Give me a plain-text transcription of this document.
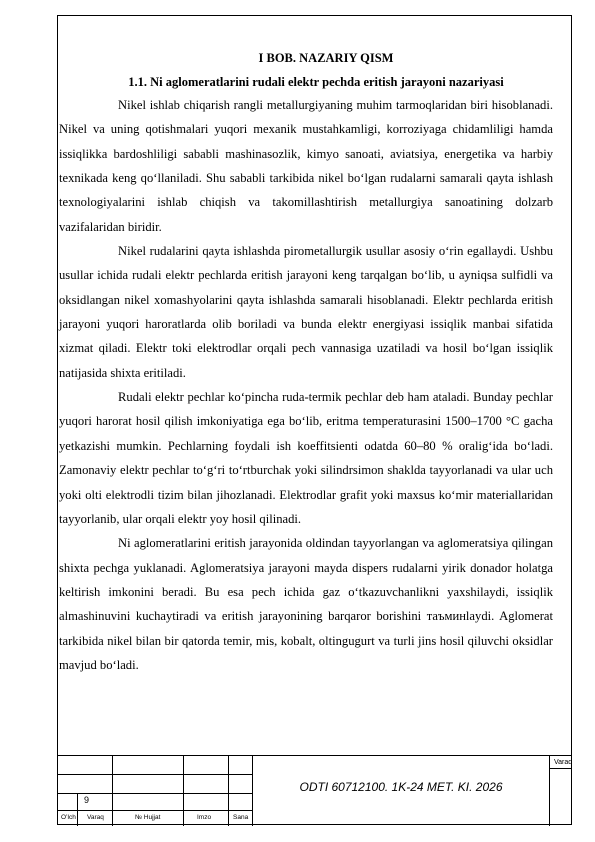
I BOB. NAZARIY QISM
1.1. Ni aglomeratlarini rudali elektr pechda eritish jarayoni nazariyasi

Nikel ishlab chiqarish rangli metallurgiyaning muhim tarmoqlaridan biri hisoblanadi. Nikel va uning qotishmalari yuqori mexanik mustahkamligi, korroziyaga chidamliligi hamda issiqlikka bardoshliligi sababli mashinasozlik, kimyo sanoati, aviatsiya, energetika va harbiy texnikada keng qo‘llaniladi. Shu sababli tarkibida nikel bo‘lgan rudalarni samarali qayta ishlash texnologiyalarini ishlab chiqish va takomillashtirish metallurgiya sanoatining dolzarb vazifalaridan biridir.

Nikel rudalarini qayta ishlashda pirometallurgik usullar asosiy o‘rin egallaydi. Ushbu usullar ichida rudali elektr pechlarda eritish jarayoni keng tarqalgan bo‘lib, u ayniqsa sulfidli va oksidlangan nikel xomashyolarini qayta ishlashda samarali hisoblanadi. Elektr pechlarda eritish jarayoni yuqori haroratlarda olib boriladi va bunda elektr energiyasi issiqlik manbai sifatida xizmat qiladi. Elektr toki elektrodlar orqali pech vannasiga uzatiladi va hosil bo‘lgan issiqlik natijasida shixta eritiladi.

Rudali elektr pechlar ko‘pincha ruda-termik pechlar deb ham ataladi. Bunday pechlar yuqori harorat hosil qilish imkoniyatiga ega bo‘lib, eritma temperaturasini 1500–1700 °C gacha yetkazishi mumkin. Pechlarning foydali ish koeffitsienti odatda 60–80 % oralig‘ida bo‘ladi. Zamonaviy elektr pechlar to‘g‘ri to‘rtburchak yoki silindrsimon shaklda tayyorlanadi va ular uch yoki olti elektrodli tizim bilan jihozlanadi. Elektrodlar grafit yoki maxsus ko‘mir materiallaridan tayyorlanib, ular orqali elektr yoy hosil qilinadi.

Ni aglomeratlarini eritish jarayonida oldindan tayyorlangan va aglomeratsiya qilingan shixta pechga yuklanadi. Aglomeratsiya jarayoni mayda dispers rudalarni yirik donador holatga keltirish imkonini beradi. Bu esa pech ichida gaz o‘tkazuvchanlikni yaxshilaydi, issiqlik almashinuvini kuchaytiradi va eritish jarayonining barqaror borishini таъминlaydi. Aglomerat tarkibida nikel bilan bir qatorda temir, mis, kobalt, oltingugurt va turli jins hosil qiluvchi oksidlar mavjud bo‘ladi.

9
O’lch Varaq	№ Hujjat	Imzo	Sana
ODTI 60712100. 1K-24 MET. KI. 2026
Varaq
